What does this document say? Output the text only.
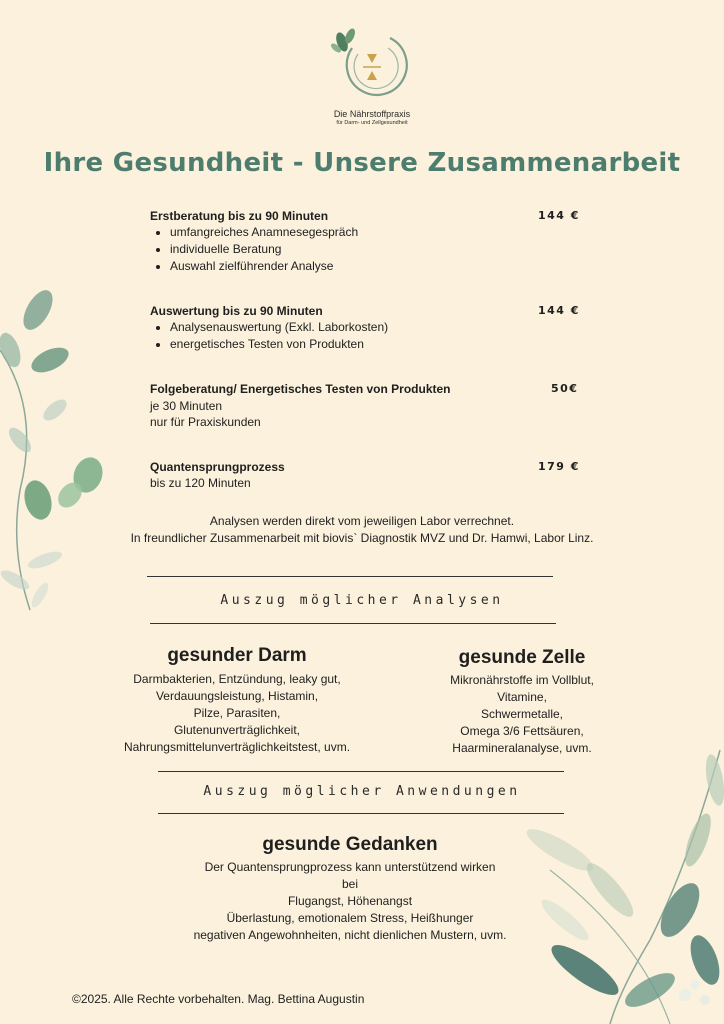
Die Nährstoffpraxis
für Darm- und Zellgesundheit
Ihre Gesundheit - Unsere Zusammenarbeit
Erstberatung bis zu 90 Minuten	144 €
• umfangreiches Anamnesegespräch
• individuelle Beratung
• Auswahl zielführender Analyse
Auswertung bis zu 90 Minuten	144 €
• Analysenauswertung (Exkl. Laborkosten)
• energetisches Testen von Produkten
Folgeberatung/ Energetisches Testen von Produkten	50€
je 30 Minuten
nur für Praxiskunden
Quantensprungprozess	179 €
bis zu 120 Minuten
Analysen werden direkt vom jeweiligen Labor verrechnet.
In freundlicher Zusammenarbeit mit biovis` Diagnostik MVZ und Dr. Hamwi, Labor Linz.
Auszug möglicher Analysen
gesunder Darm
Darmbakterien, Entzündung, leaky gut,
Verdauungsleistung, Histamin,
Pilze, Parasiten,
Glutenunverträglichkeit,
Nahrungsmittelunverträglichkeitstest, uvm.
gesunde Zelle
Mikronährstoffe im Vollblut,
Vitamine,
Schwermetalle,
Omega 3/6 Fettsäuren,
Haarmineralanalyse, uvm.
Auszug möglicher Anwendungen
gesunde Gedanken
Der Quantensprungprozess kann unterstützend wirken
bei
Flugangst, Höhenangst
Überlastung, emotionalem Stress, Heißhunger
negativen Angewohnheiten, nicht dienlichen Mustern, uvm.
©2025. Alle Rechte vorbehalten. Mag. Bettina Augustin
